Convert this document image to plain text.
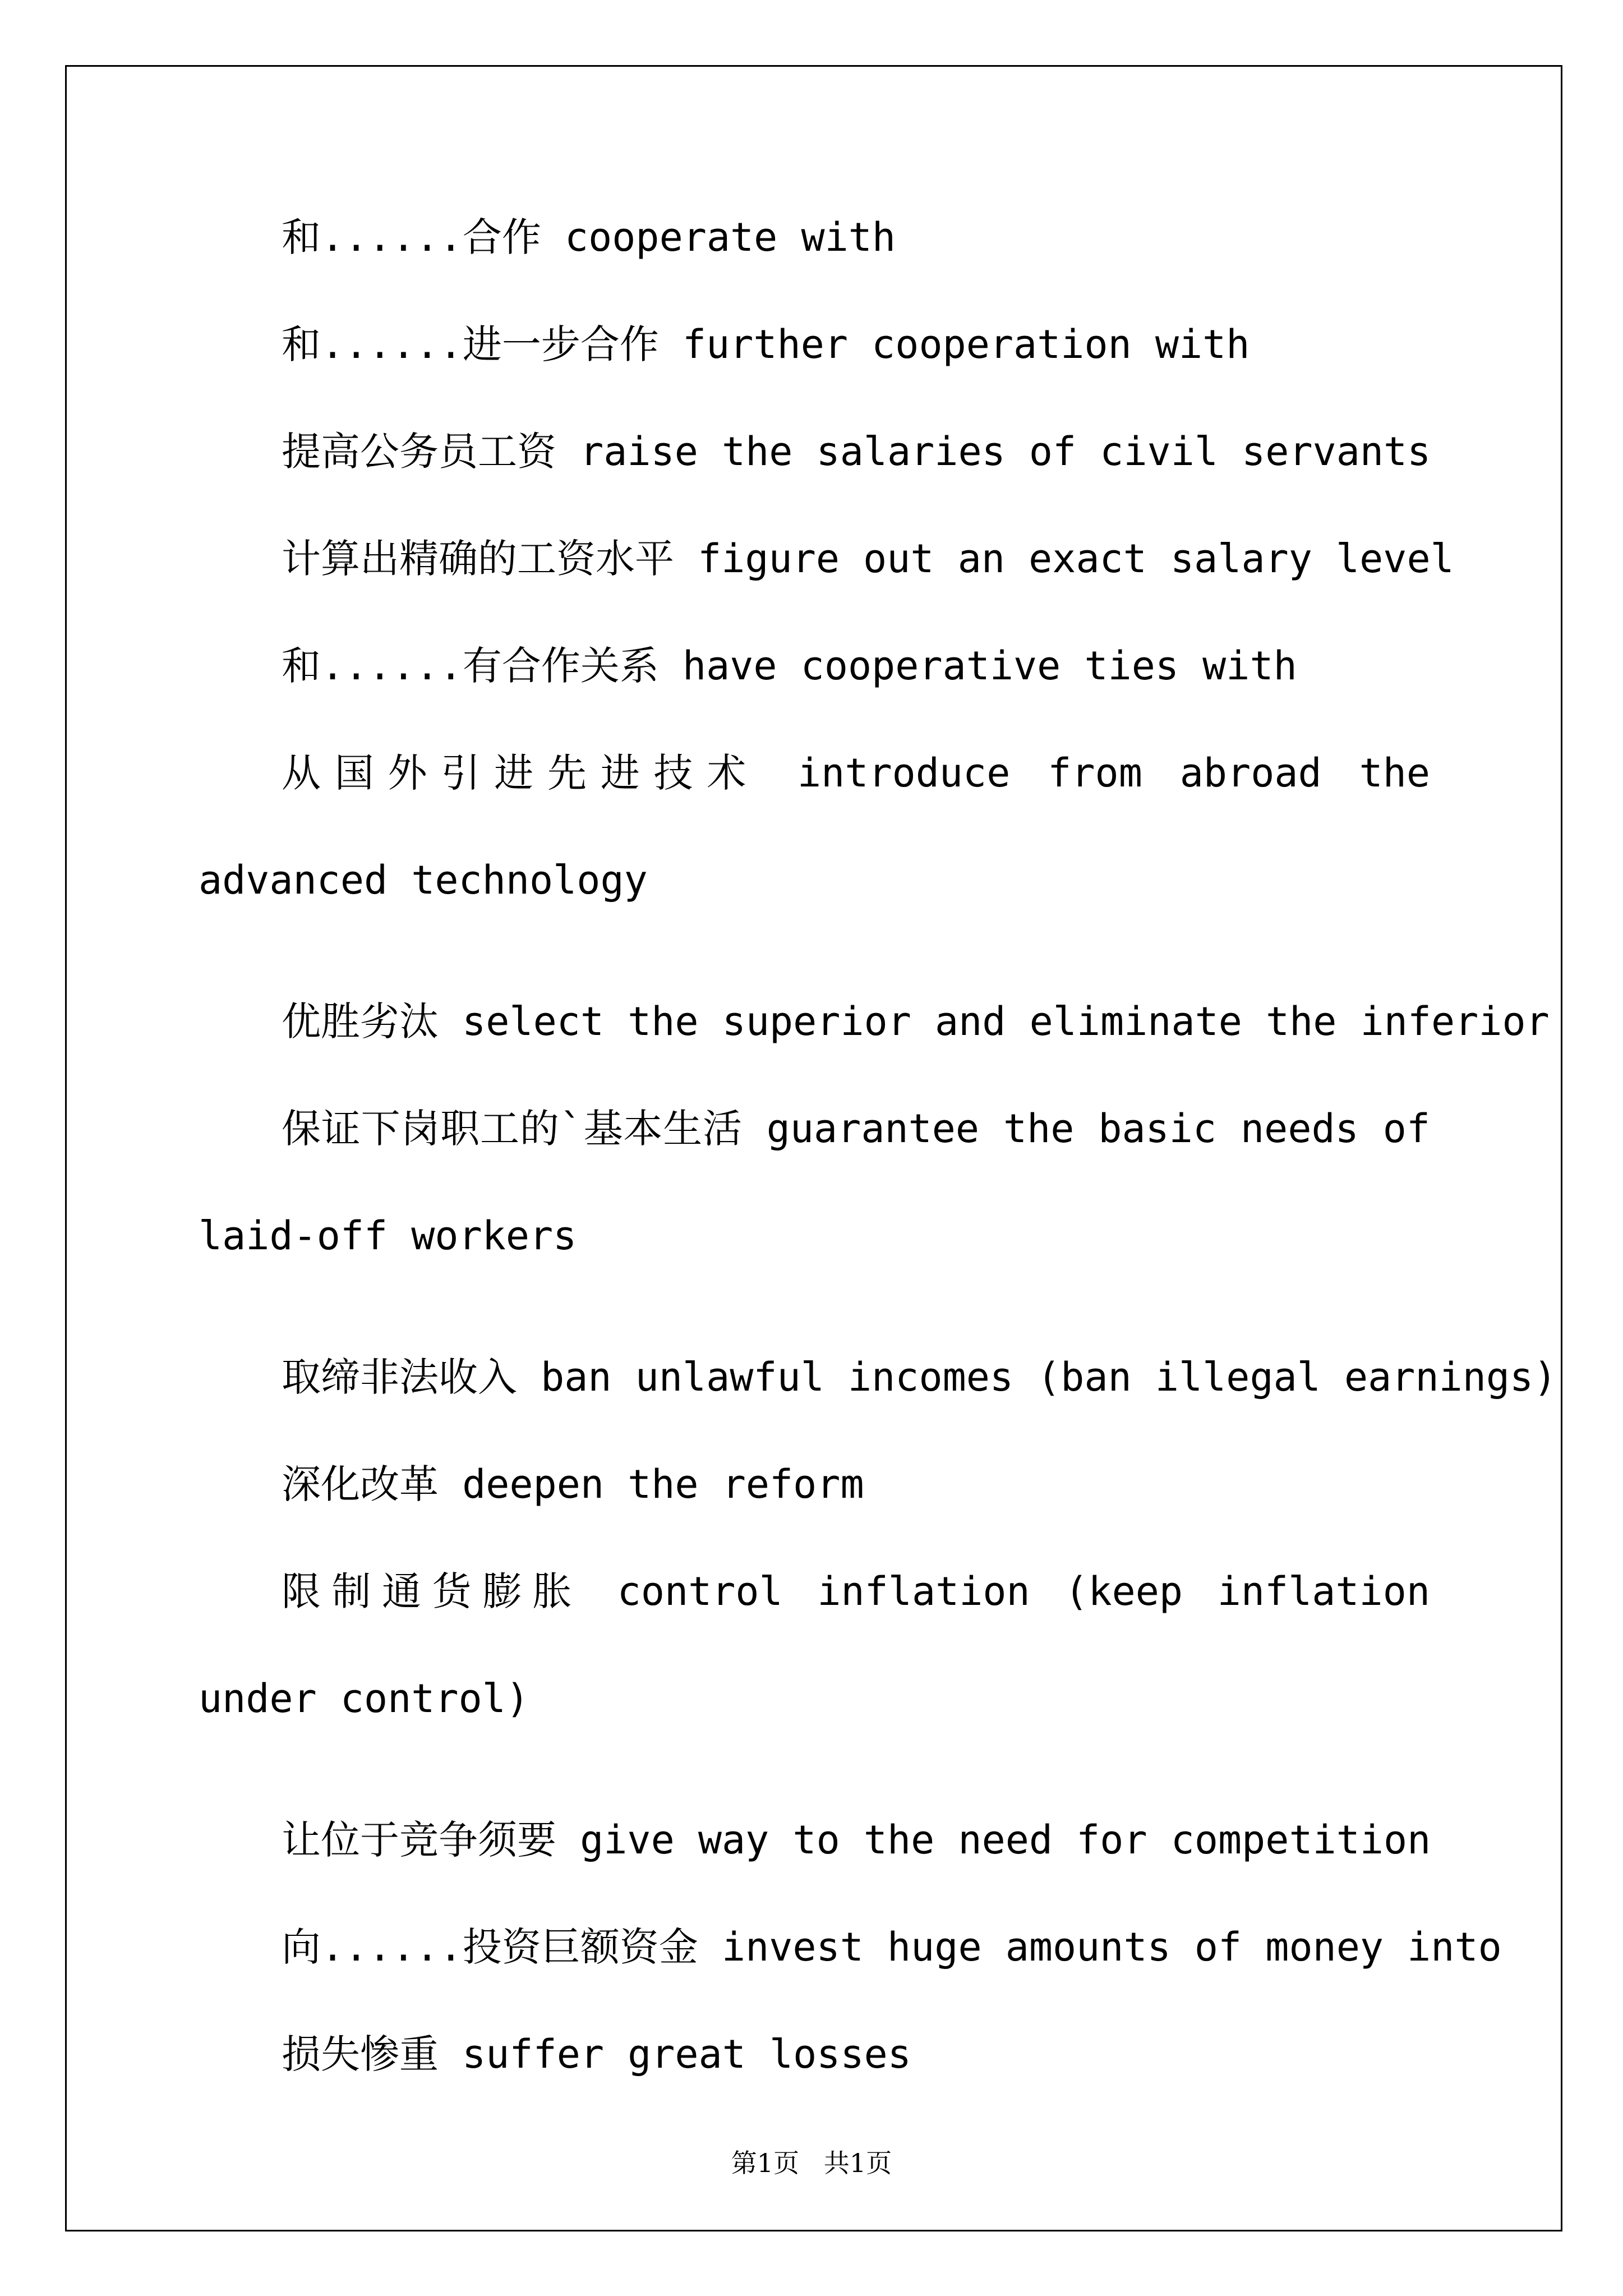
和......合作 cooperate with

和......进一步合作 further cooperation with

提高公务员工资 raise the salaries of civil servants

计算出精确的工资水平 figure out an exact salary level

和......有合作关系 have cooperative ties with

从国外引进先进技术 introduce from abroad the advanced technology

优胜劣汰 select the superior and eliminate the inferior

保证下岗职工的`基本生活 guarantee the basic needs of laid-off workers

取缔非法收入 ban unlawful incomes (ban illegal earnings)

深化改革 deepen the reform

限制通货膨胀 control inflation (keep inflation under control)

让位于竞争须要 give way to the need for competition

向......投资巨额资金 invest huge amounts of money into

损失惨重 suffer great losses

第1页   共1页
